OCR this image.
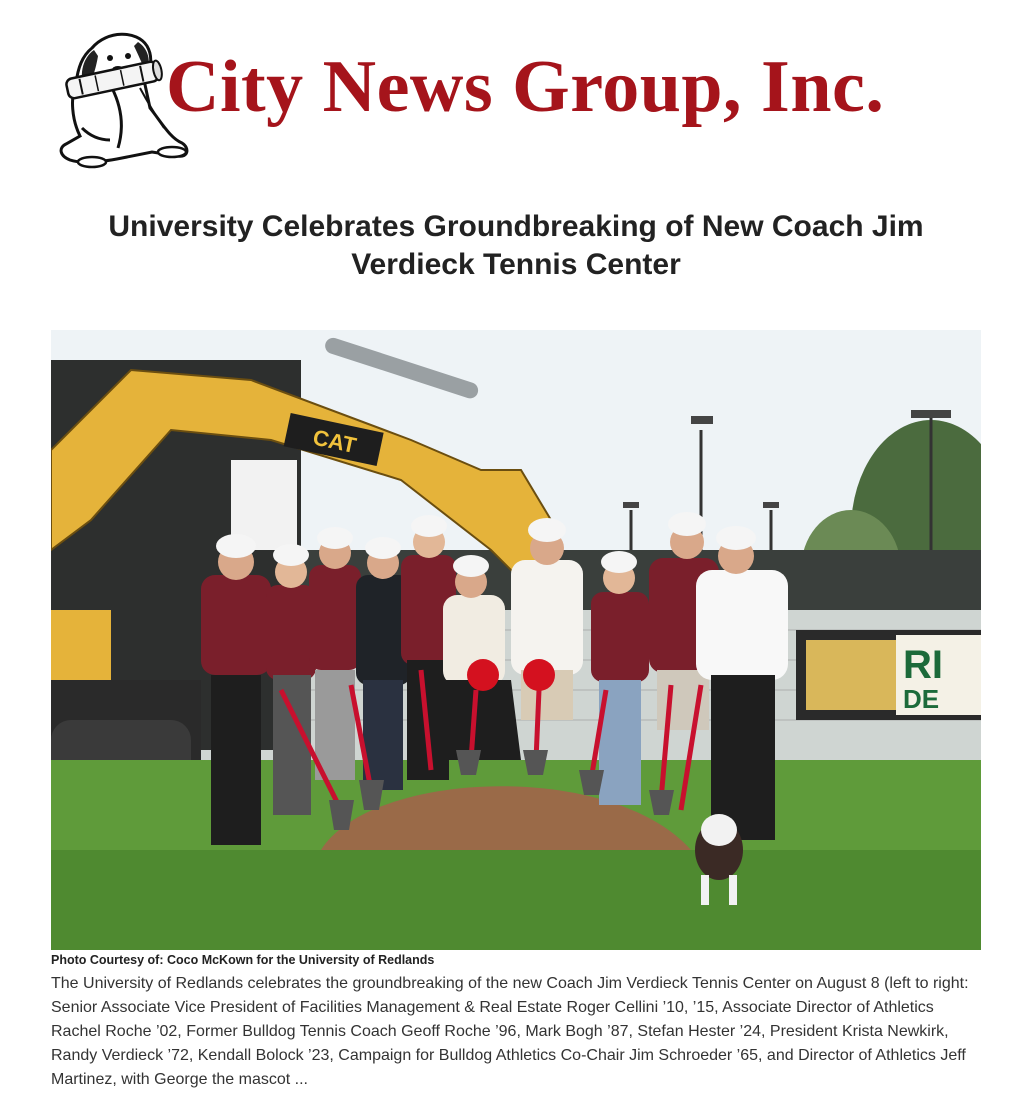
City News Group, Inc.
University Celebrates Groundbreaking of New Coach Jim Verdieck Tennis Center
RI
DE
CAT
Photo Courtesy of: Coco McKown for the University of Redlands

The University of Redlands celebrates the groundbreaking of the new Coach Jim Verdieck Tennis Center on August 8 (left to right: Senior Associate Vice President of Facilities Management & Real Estate Roger Cellini ’10, ’15, Associate Director of Athletics Rachel Roche ’02, Former Bulldog Tennis Coach Geoff Roche ’96, Mark Bogh ’87, Stefan Hester ’24, President Krista Newkirk, Randy Verdieck ’72, Kendall Bolock ’23, Campaign for Bulldog Athletics Co-Chair Jim Schroeder ’65, and Director of Athletics Jeff Martinez, with George the mascot ...
